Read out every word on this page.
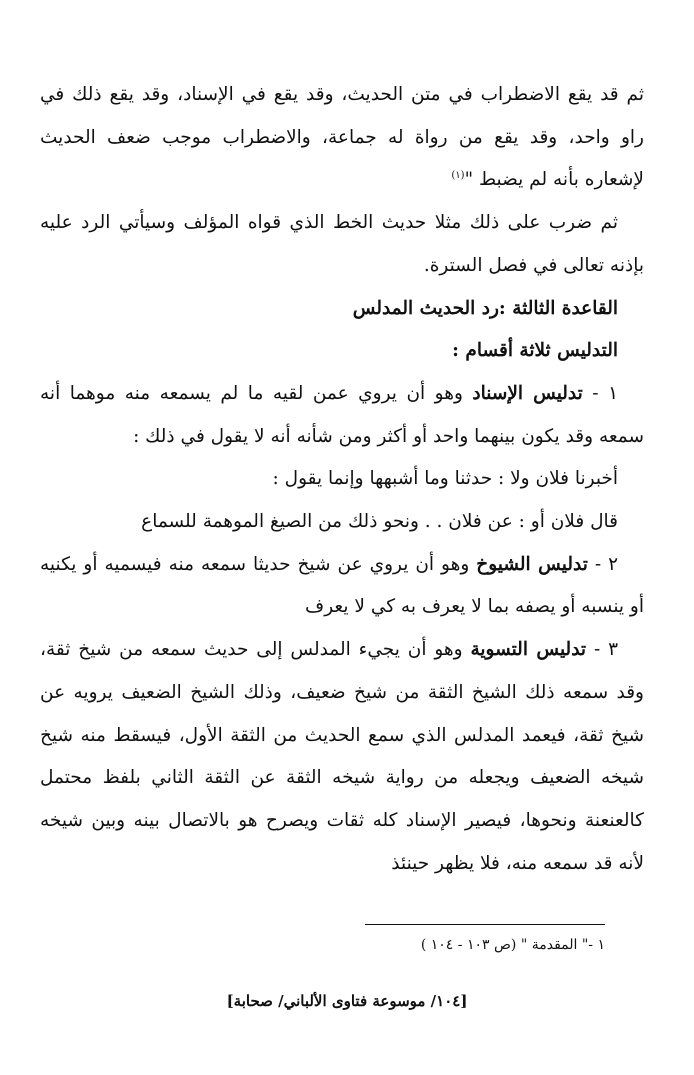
ثم قد يقع الاضطراب في متن الحديث، وقد يقع في الإسناد، وقد يقع ذلك في راو واحد، وقد يقع من رواة له جماعة، والاضطراب موجب ضعف الحديث لإشعاره بأنه لم يضبط "$^{(١)}$

ثم ضرب على ذلك مثلا حديث الخط الذي قواه المؤلف وسيأتي الرد عليه بإذنه تعالى في فصل السترة.

القاعدة الثالثة :رد الحديث المدلس

التدليس ثلاثة أقسام :

١ - تدليس الإسناد وهو أن يروي عمن لقيه ما لم يسمعه منه موهما أنه سمعه وقد يكون بينهما واحد أو أكثر ومن شأنه أنه لا يقول في ذلك :

أخبرنا فلان ولا : حدثنا وما أشبهها وإنما يقول :

قال فلان أو : عن فلان . . ونحو ذلك من الصيغ الموهمة للسماع

٢ - تدليس الشيوخ وهو أن يروي عن شيخ حديثا سمعه منه فيسميه أو يكنيه أو ينسبه أو يصفه بما لا يعرف به كي لا يعرف

٣ - تدليس التسوية وهو أن يجيء المدلس إلى حديث سمعه من شيخ ثقة، وقد سمعه ذلك الشيخ الثقة من شيخ ضعيف، وذلك الشيخ الضعيف يرويه عن شيخ ثقة، فيعمد المدلس الذي سمع الحديث من الثقة الأول، فيسقط منه شيخ شيخه الضعيف ويجعله من رواية شيخه الثقة عن الثقة الثاني بلفظ محتمل كالعنعنة ونحوها، فيصير الإسناد كله ثقات ويصرح هو بالاتصال بينه وبين شيخه لأنه قد سمعه منه، فلا يظهر حينئذ

١ -" المقدمة " (ص ١٠٣ - ١٠٤ )
[١٠٤/ موسوعة فتاوى الألباني/ صحابة]
